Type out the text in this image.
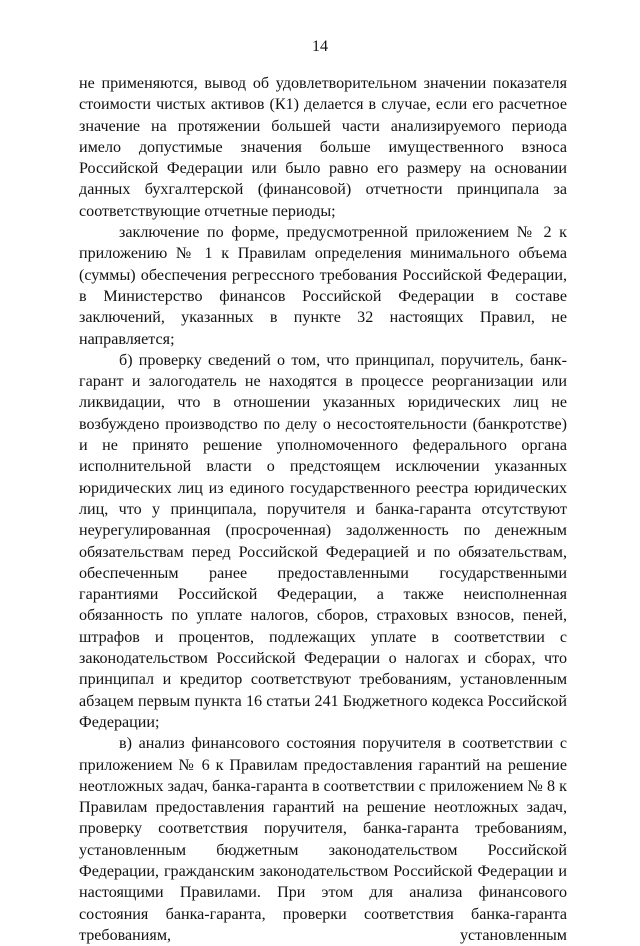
14

не применяются, вывод об удовлетворительном значении показателя стоимости чистых активов (К1) делается в случае, если его расчетное значение на протяжении большей части анализируемого периода имело допустимые значения больше имущественного взноса Российской Федерации или было равно его размеру на основании данных бухгалтерской (финансовой) отчетности принципала за соответствующие отчетные периоды;

заключение по форме, предусмотренной приложением № 2 к приложению № 1 к Правилам определения минимального объема (суммы) обеспечения регрессного требования Российской Федерации, в Министерство финансов Российской Федерации в составе заключений, указанных в пункте 32 настоящих Правил, не направляется;

б) проверку сведений о том, что принципал, поручитель, банк-гарант и залогодатель не находятся в процессе реорганизации или ликвидации, что в отношении указанных юридических лиц не возбуждено производство по делу о несостоятельности (банкротстве) и не принято решение уполномоченного федерального органа исполнительной власти о предстоящем исключении указанных юридических лиц из единого государственного реестра юридических лиц, что у принципала, поручителя и банка-гаранта отсутствуют неурегулированная (просроченная) задолженность по денежным обязательствам перед Российской Федерацией и по обязательствам, обеспеченным ранее предоставленными государственными гарантиями Российской Федерации, а также неисполненная обязанность по уплате налогов, сборов, страховых взносов, пеней, штрафов и процентов, подлежащих уплате в соответствии с законодательством Российской Федерации о налогах и сборах, что принципал и кредитор соответствуют требованиям, установленным абзацем первым пункта 16 статьи 241 Бюджетного кодекса Российской Федерации;

в) анализ финансового состояния поручителя в соответствии с приложением № 6 к Правилам предоставления гарантий на решение неотложных задач, банка-гаранта в соответствии с приложением № 8 к Правилам предоставления гарантий на решение неотложных задач, проверку соответствия поручителя, банка-гаранта требованиям, установленным бюджетным законодательством Российской Федерации, гражданским законодательством Российской Федерации и настоящими Правилами. При этом для анализа финансового состояния банка-гаранта, проверки соответствия банка-гаранта требованиям, установленным
